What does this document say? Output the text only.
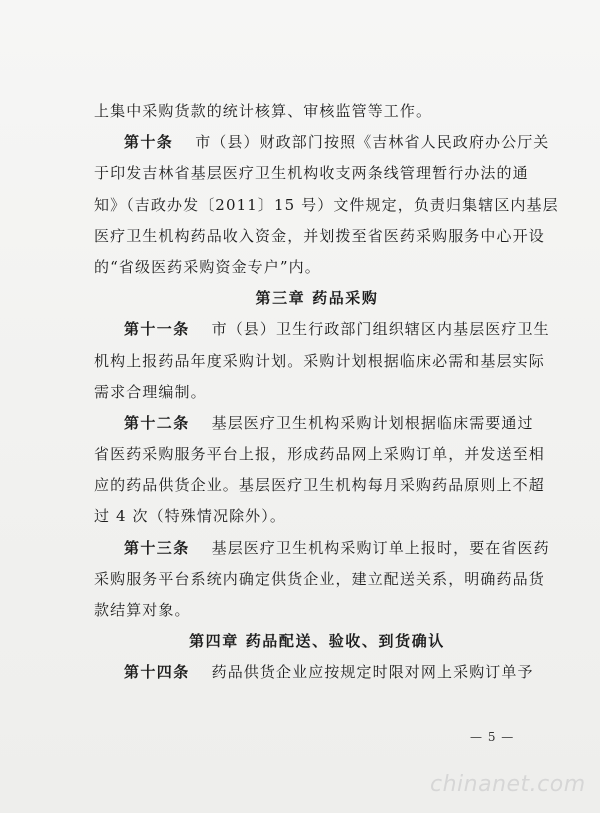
上集中采购货款的统计核算、审核监管等工作。
第十条 市（县）财政部门按照《吉林省人民政府办公厅关
于印发吉林省基层医疗卫生机构收支两条线管理暂行办法的通
知》（吉政办发〔2011〕15 号）文件规定，负责归集辖区内基层
医疗卫生机构药品收入资金，并划拨至省医药采购服务中心开设
的“省级医药采购资金专户”内。
第三章 药品采购
第十一条 市（县）卫生行政部门组织辖区内基层医疗卫生
机构上报药品年度采购计划。采购计划根据临床必需和基层实际
需求合理编制。
第十二条 基层医疗卫生机构采购计划根据临床需要通过
省医药采购服务平台上报，形成药品网上采购订单，并发送至相
应的药品供货企业。基层医疗卫生机构每月采购药品原则上不超
过 4 次（特殊情况除外）。
第十三条 基层医疗卫生机构采购订单上报时，要在省医药
采购服务平台系统内确定供货企业，建立配送关系，明确药品货
款结算对象。
第四章 药品配送、验收、到货确认
第十四条 药品供货企业应按规定时限对网上采购订单予
— 5 —
chinanet.com
